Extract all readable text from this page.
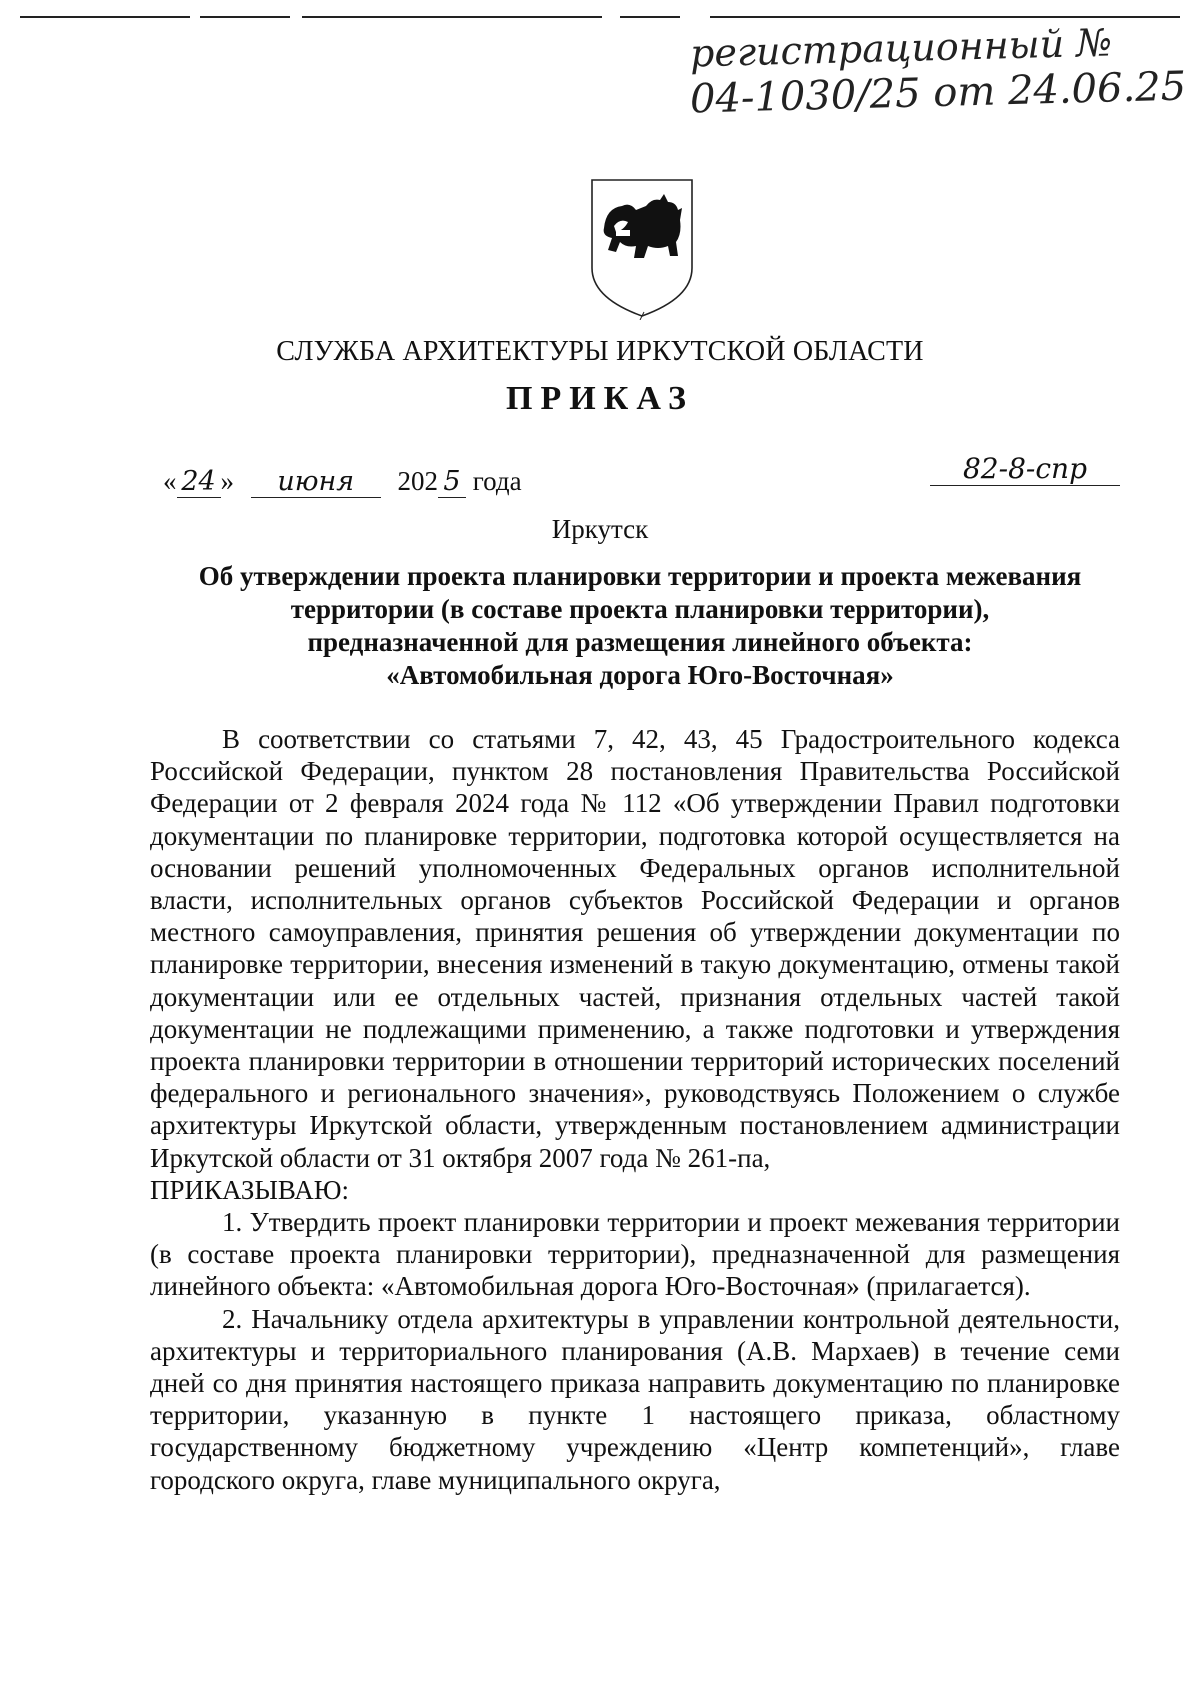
регистрационный №
04-1030/25 от 24.06.25
СЛУЖБА АРХИТЕКТУРЫ ИРКУТСКОЙ ОБЛАСТИ
ПРИКАЗ
« 24 » июня 202 5 года	82-8-спр
Иркутск
Об утверждении проекта планировки территории и проекта межевания
территории (в составе проекта планировки территории),
предназначенной для размещения линейного объекта:
«Автомобильная дорога Юго-Восточная»

В соответствии со статьями 7, 42, 43, 45 Градостроительного кодекса Российской Федерации, пунктом 28 постановления Правительства Российской Федерации от 2 февраля 2024 года № 112 «Об утверждении Правил подготовки документации по планировке территории, подготовка которой осуществляется на основании решений уполномоченных Федеральных органов исполнительной власти, исполнительных органов субъектов Российской Федерации и органов местного самоуправления, принятия решения об утверждении документации по планировке территории, внесения изменений в такую документацию, отмены такой документации или ее отдельных частей, признания отдельных частей такой документации не подлежащими применению, а также подготовки и утверждения проекта планировки территории в отношении территорий исторических поселений федерального и регионального значения», руководствуясь Положением о службе архитектуры Иркутской области, утвержденным постановлением администрации Иркутской области от 31 октября 2007 года № 261-па,

ПРИКАЗЫВАЮ:

1. Утвердить проект планировки территории и проект межевания территории (в составе проекта планировки территории), предназначенной для размещения линейного объекта: «Автомобильная дорога Юго-Восточная» (прилагается).

2. Начальнику отдела архитектуры в управлении контрольной деятельности, архитектуры и территориального планирования (А.В. Мархаев) в течение семи дней со дня принятия настоящего приказа направить документацию по планировке территории, указанную в пункте 1 настоящего приказа, областному государственному бюджетному учреждению «Центр компетенций», главе городского округа, главе муниципального округа,
